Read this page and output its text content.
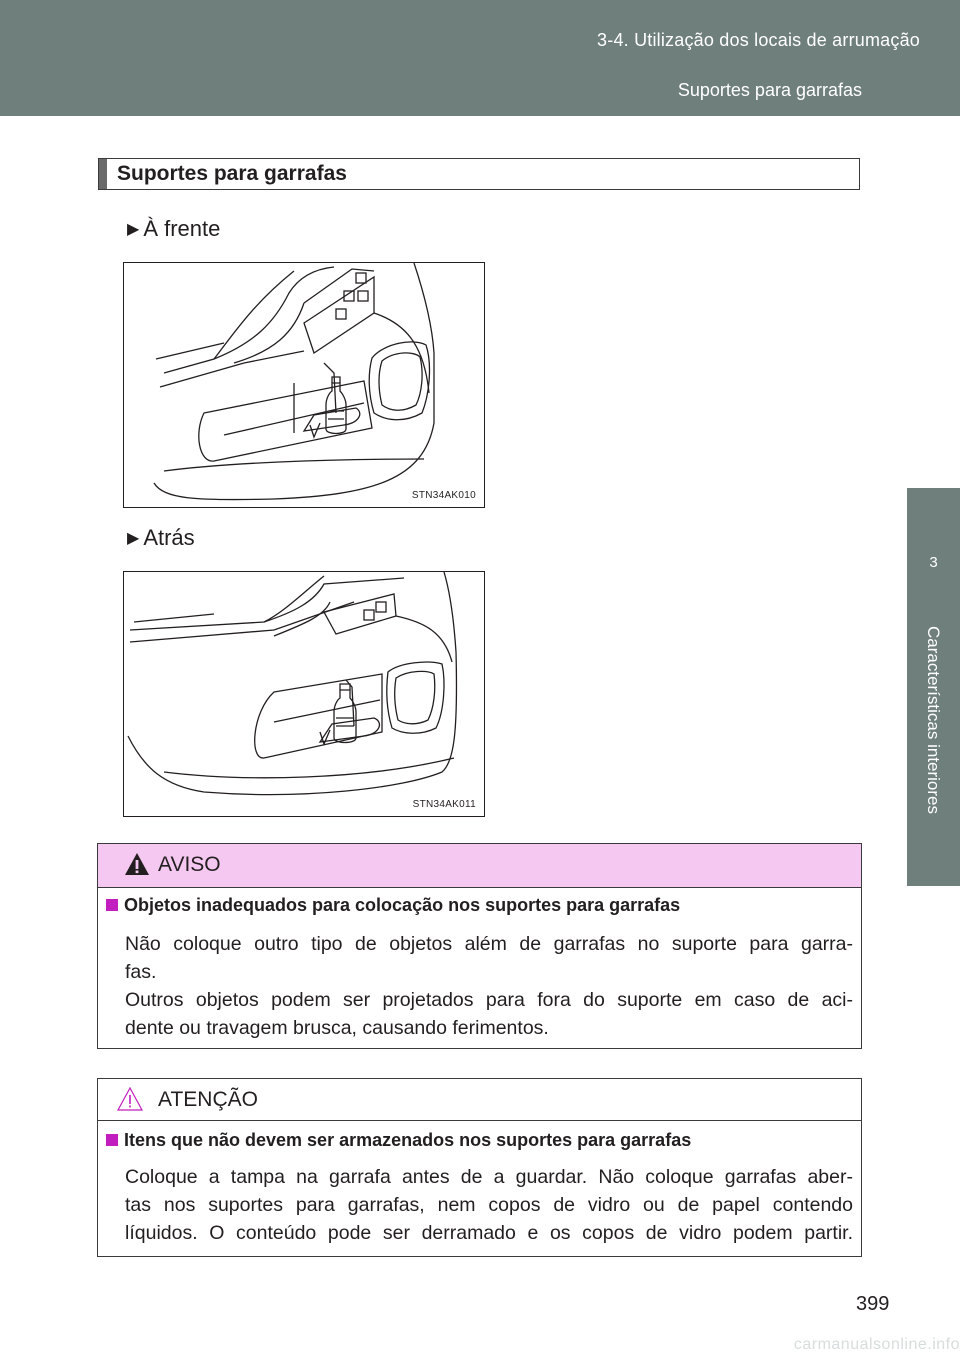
3-4. Utilização dos locais de arrumação
Suportes para garrafas
3
Características interiores
Suportes para garrafas
▶ À frente
STN34AK010
▶ Atrás
STN34AK011
AVISO
Objetos inadequados para colocação nos suportes para garrafas
Não coloque outro tipo de objetos além de garrafas no suporte para garra-
fas.
Outros objetos podem ser projetados para fora do suporte em caso de aci-
dente ou travagem brusca, causando ferimentos.
ATENÇÃO
Itens que não devem ser armazenados nos suportes para garrafas
Coloque a tampa na garrafa antes de a guardar. Não coloque garrafas aber-
tas nos suportes para garrafas, nem copos de vidro ou de papel contendo
líquidos. O conteúdo pode ser derramado e os copos de vidro podem partir.
399
carmanualsonline.info
